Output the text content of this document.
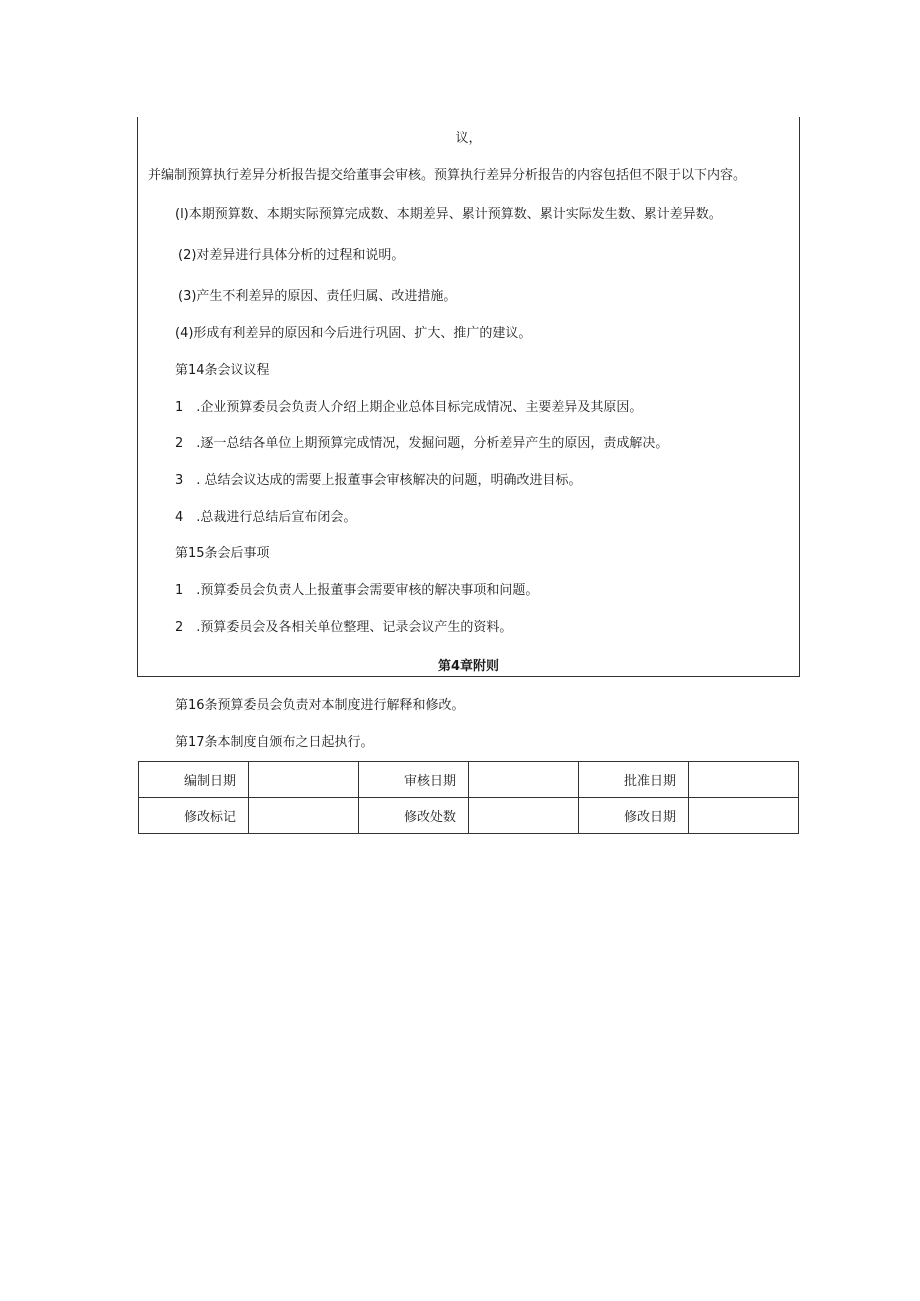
议，
并编制预算执行差异分析报告提交给董事会审核。预算执行差异分析报告的内容包括但不限于以下内容。
(l)本期预算数、本期实际预算完成数、本期差异、累计预算数、累计实际发生数、累计差异数。
(2)对差异进行具体分析的过程和说明。
(3)产生不利差异的原因、责任归属、改进措施。
(4)形成有利差异的原因和今后进行巩固、扩大、推广的建议。
第14条会议议程
1　.企业预算委员会负责人介绍上期企业总体目标完成情况、主要差异及其原因。
2　.逐一总结各单位上期预算完成情况，发掘问题，分析差异产生的原因，责成解决。
3　. 总结会议达成的需要上报董事会审核解决的问题，明确改进目标。
4　.总裁进行总结后宣布闭会。
第15条会后事项
1　.预算委员会负责人上报董事会需要审核的解决事项和问题。
2　.预算委员会及各相关单位整理、记录会议产生的资料。
第4章附则
第16条预算委员会负责对本制度进行解释和修改。
第17条本制度自颁布之日起执行。
编制日期		审核日期		批准日期	
修改标记		修改处数		修改日期	
